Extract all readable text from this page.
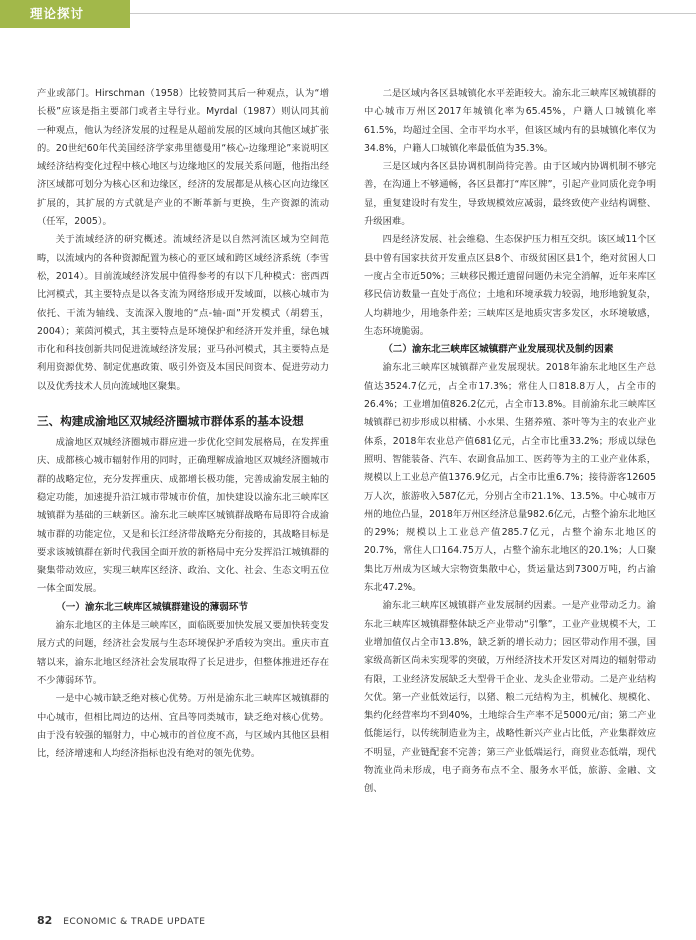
理论探讨

产业或部门。Hirschman（1958）比较赞同其后一种观点，认为“增长极”应该是指主要部门或者主导行业。Myrdal（1987）则认同其前一种观点，他认为经济发展的过程是从超前发展的区域向其他区域扩张的。20世纪60年代美国经济学家弗里德曼用“核心-边缘理论”来说明区域经济结构变化过程中核心地区与边缘地区的发展关系问题，他指出经济区域都可划分为核心区和边缘区，经济的发展都是从核心区向边缘区扩展的，其扩展的方式就是产业的不断革新与更换，生产资源的流动（任军，2005）。

关于流域经济的研究概述。流域经济是以自然河流区域为空间范畴，以流域内的各种资源配置为核心的亚区域和跨区域经济系统（李雪松，2014）。目前流域经济发展中值得参考的有以下几种模式：密西西比河模式，其主要特点是以各支流为网络形成开发域面，以核心城市为依托、干流为轴线、支流深入腹地的“点-轴-面”开发模式（胡碧玉，2004）；莱茵河模式，其主要特点是环境保护和经济开发并重，绿色城市化和科技创新共同促进流域经济发展；亚马孙河模式，其主要特点是利用资源优势、制定优惠政策、吸引外资及本国民间资本、促进劳动力以及优秀技术人员向流域地区聚集。

三、构建成渝地区双城经济圈城市群体系的基本设想

成渝地区双城经济圈城市群应进一步优化空间发展格局，在发挥重庆、成都核心城市辐射作用的同时，正确理解成渝地区双城经济圈城市群的战略定位，充分发挥重庆、成都增长极功能，完善成渝发展主轴的稳定功能，加速提升沿江城市带城市价值，加快建设以渝东北三峡库区城镇群为基础的三峡新区。渝东北三峡库区城镇群战略布局即符合成渝城市群的功能定位，又是和长江经济带战略充分衔接的，其战略目标是要求该城镇群在新时代我国全面开放的新格局中充分发挥沿江城镇群的聚集带动效应，实现三峡库区经济、政治、文化、社会、生态文明五位一体全面发展。

（一）渝东北三峡库区城镇群建设的薄弱环节

渝东北地区的主体是三峡库区，面临既要加快发展又要加快转变发展方式的问题，经济社会发展与生态环境保护矛盾较为突出。重庆市直辖以来，渝东北地区经济社会发展取得了长足进步，但整体推进还存在不少薄弱环节。

一是中心城市缺乏绝对核心优势。万州是渝东北三峡库区城镇群的中心城市，但相比周边的达州、宜昌等同类城市，缺乏绝对核心优势。由于没有较强的辐射力，中心城市的首位度不高，与区域内其他区县相比，经济增速和人均经济指标也没有绝对的领先优势。

二是区域内各区县城镇化水平差距较大。渝东北三峡库区城镇群的中心城市万州区2017年城镇化率为65.45%，户籍人口城镇化率61.5%，均超过全国、全市平均水平，但该区域内有的县城镇化率仅为34.8%，户籍人口城镇化率最低值为35.3%。

三是区域内各区县协调机制尚待完善。由于区域内协调机制不够完善，在沟通上不够通畅，各区县都打“库区牌”，引起产业同质化竞争明显，重复建设时有发生，导致规模效应减弱，最终致使产业结构调整、升级困难。

四是经济发展、社会维稳、生态保护压力相互交织。该区域11个区县中曾有国家扶贫开发重点区县8个、市级贫困区县1个，绝对贫困人口一度占全市近50%；三峡移民搬迁遗留问题仍未完全消解，近年来库区移民信访数量一直处于高位；土地和环境承载力较弱，地形地貌复杂，人均耕地少，用地条件差；三峡库区是地质灾害多发区，水环境敏感，生态环境脆弱。

（二）渝东北三峡库区城镇群产业发展现状及制约因素

渝东北三峡库区城镇群产业发展现状。2018年渝东北地区生产总值达3524.7亿元，占全市17.3%；常住人口818.8万人，占全市的26.4%；工业增加值826.2亿元，占全市13.8%。目前渝东北三峡库区城镇群已初步形成以柑橘、小水果、生猪养殖、茶叶等为主的农业产业体系，2018年农业总产值681亿元，占全市比重33.2%；形成以绿色照明、智能装备、汽车、农副食品加工、医药等为主的工业产业体系，规模以上工业总产值1376.9亿元，占全市比重6.7%；接待游客12605万人次，旅游收入587亿元，分别占全市21.1%、13.5%。中心城市万州的地位凸显，2018年万州区经济总量982.6亿元，占整个渝东北地区的29%；规模以上工业总产值285.7亿元，占整个渝东北地区的20.7%，常住人口164.75万人，占整个渝东北地区的20.1%；人口聚集比万州成为区域大宗物资集散中心，货运量达到7300万吨，约占渝东北47.2%。

渝东北三峡库区城镇群产业发展制约因素。一是产业带动乏力。渝东北三峡库区城镇群整体缺乏产业带动“引擎”，工业产业规模不大，工业增加值仅占全市13.8%，缺乏新的增长动力；园区带动作用不强，国家级高新区尚未实现零的突破，万州经济技术开发区对周边的辐射带动有限，工业经济发展缺乏大型骨干企业、龙头企业带动。二是产业结构欠优。第一产业低效运行，以猪、粮二元结构为主，机械化、规模化、集约化经营率均不到40%，土地综合生产率不足5000元/亩；第二产业低能运行，以传统制造业为主，战略性新兴产业占比低，产业集群效应不明显，产业链配套不完善；第三产业低端运行，商贸业态低端，现代物流业尚未形成，电子商务布点不全、服务水平低，旅游、金融、文创、

82 ECONOMIC & TRADE UPDATE
